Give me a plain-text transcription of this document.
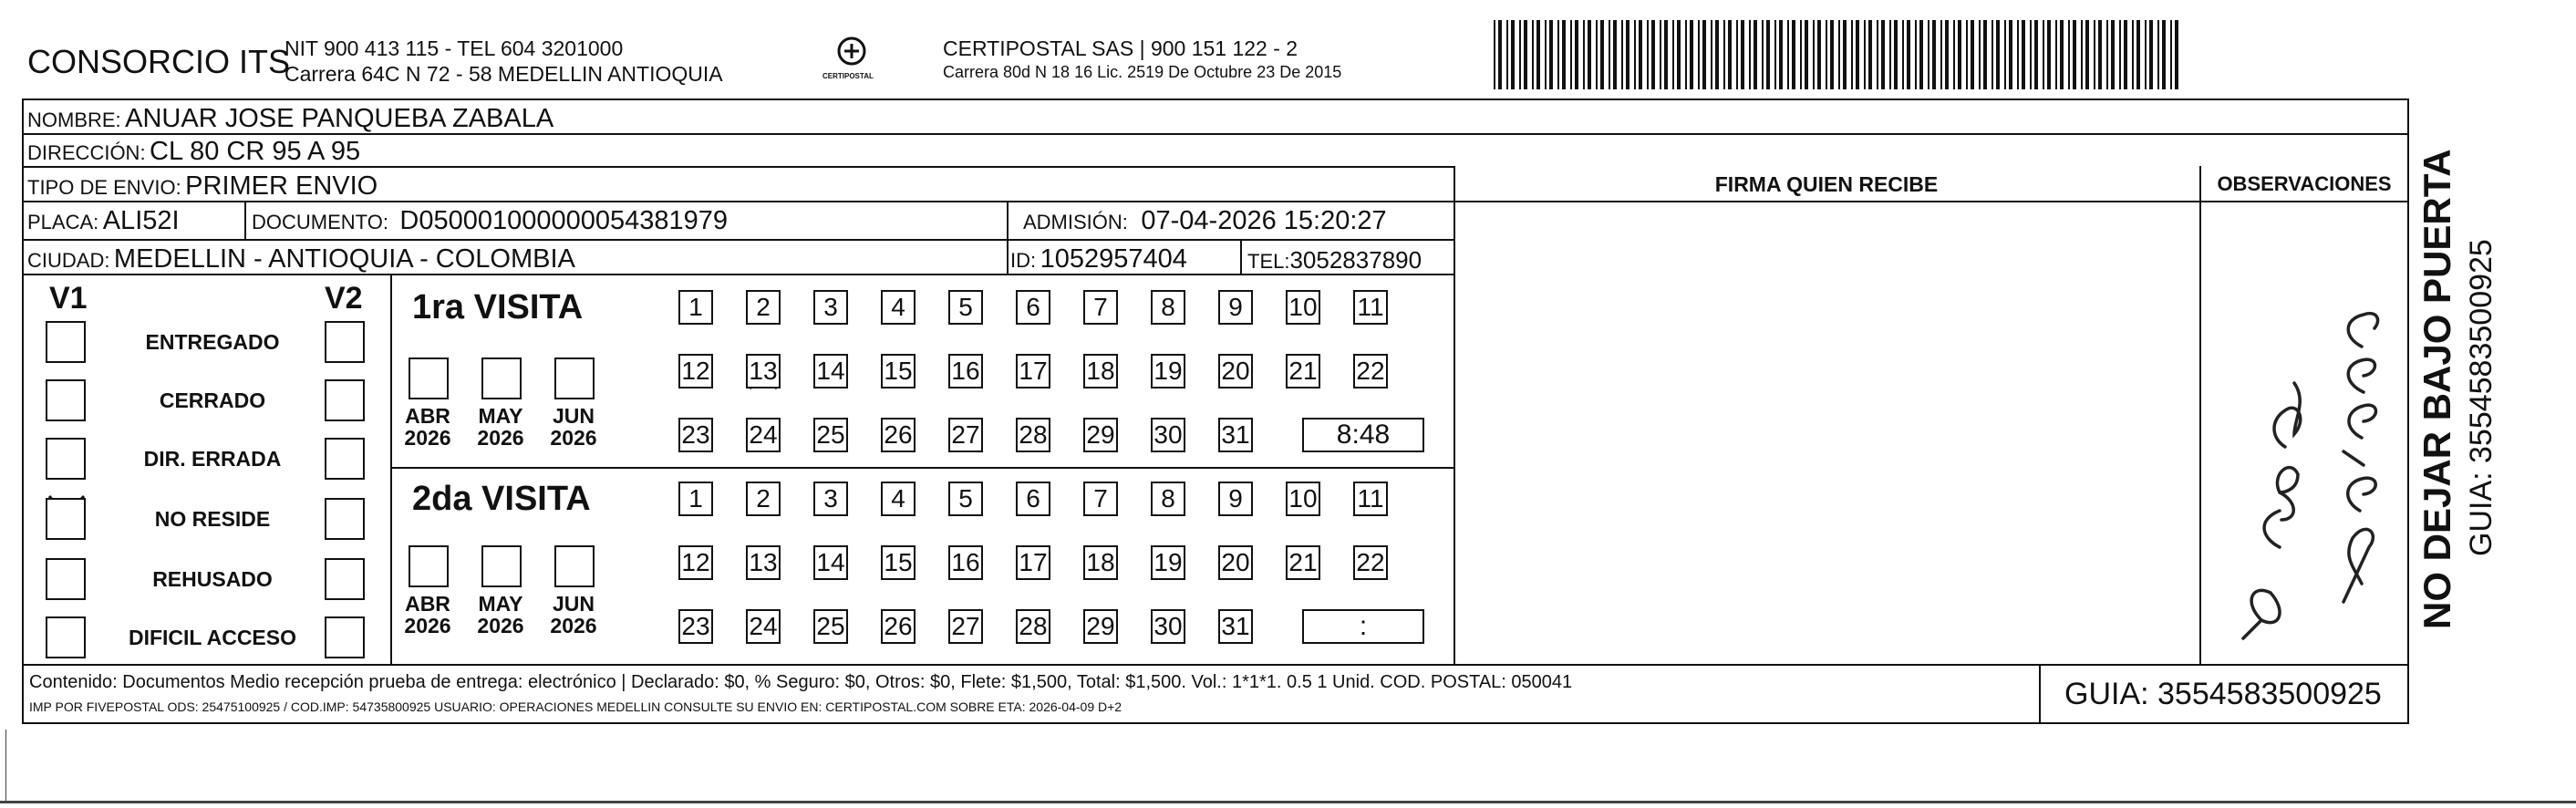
CONSORCIO ITS
NIT 900 413 115 - TEL 604 3201000
Carrera 64C N 72 - 58 MEDELLIN ANTIOQUIA	CERTIPOSTAL
CERTIPOSTAL SAS | 900 151 122 - 2
Carrera 80d N 18 16 Lic. 2519 De Octubre 23 De 2015
NOMBRE: ANUAR JOSE PANQUEBA ZABALA
DIRECCIÓN: CL 80 CR 95 A 95
TIPO DE ENVIO: PRIMER ENVIO
PLACA: ALI52I	DOCUMENTO: D0500010000000543819​79	ADMISIÓN: 07-04-2026 15:20:27
CIUDAD: MEDELLIN - ANTIOQUIA - COLOMBIA	ID: 1052957404	TEL:3052837890
FIRMA QUIEN RECIBE	OBSERVACIONES
V1	V2 1ra VISITA
2da VISITA
Contenido: Documentos Medio recepción prueba de entrega: electrónico | Declarado: $0, % Seguro: $0, Otros: $0, Flete: $1,500, Total: $1,500. Vol.: 1*1*1. 0.5 1 Unid. COD. POSTAL: 050041
IMP POR FIVEPOSTAL ODS: 25475100925 / COD.IMP: 54735800925 USUARIO: OPERACIONES MEDELLIN CONSULTE SU ENVIO EN: CERTIPOSTAL.COM SOBRE ETA: 2026-04-09 D+2	GUIA: 3554583500925
NO DEJAR BAJO PUERTA GUIA: 3554583500925
ENTREGADO
CERRADO
DIR. ERRADA
NO RESIDE
REHUSADO
DIFICIL ACCESO
ABR
2026
MAY
2026
JUN
2026
ABR
2026
MAY
2026
JUN
2026
1	2	3	4	5	6	7	8	9	10 11
12 13 14 15 16 17 18 19 20 21 22
23 24 25 26 27 28 29 30 31	8:48
1	2	3	4	5	6	7	8	9	10 11
12 13 14 15 16 17 18 19 20 21 22
23 24 25 26 27 28 29 30 31	:
